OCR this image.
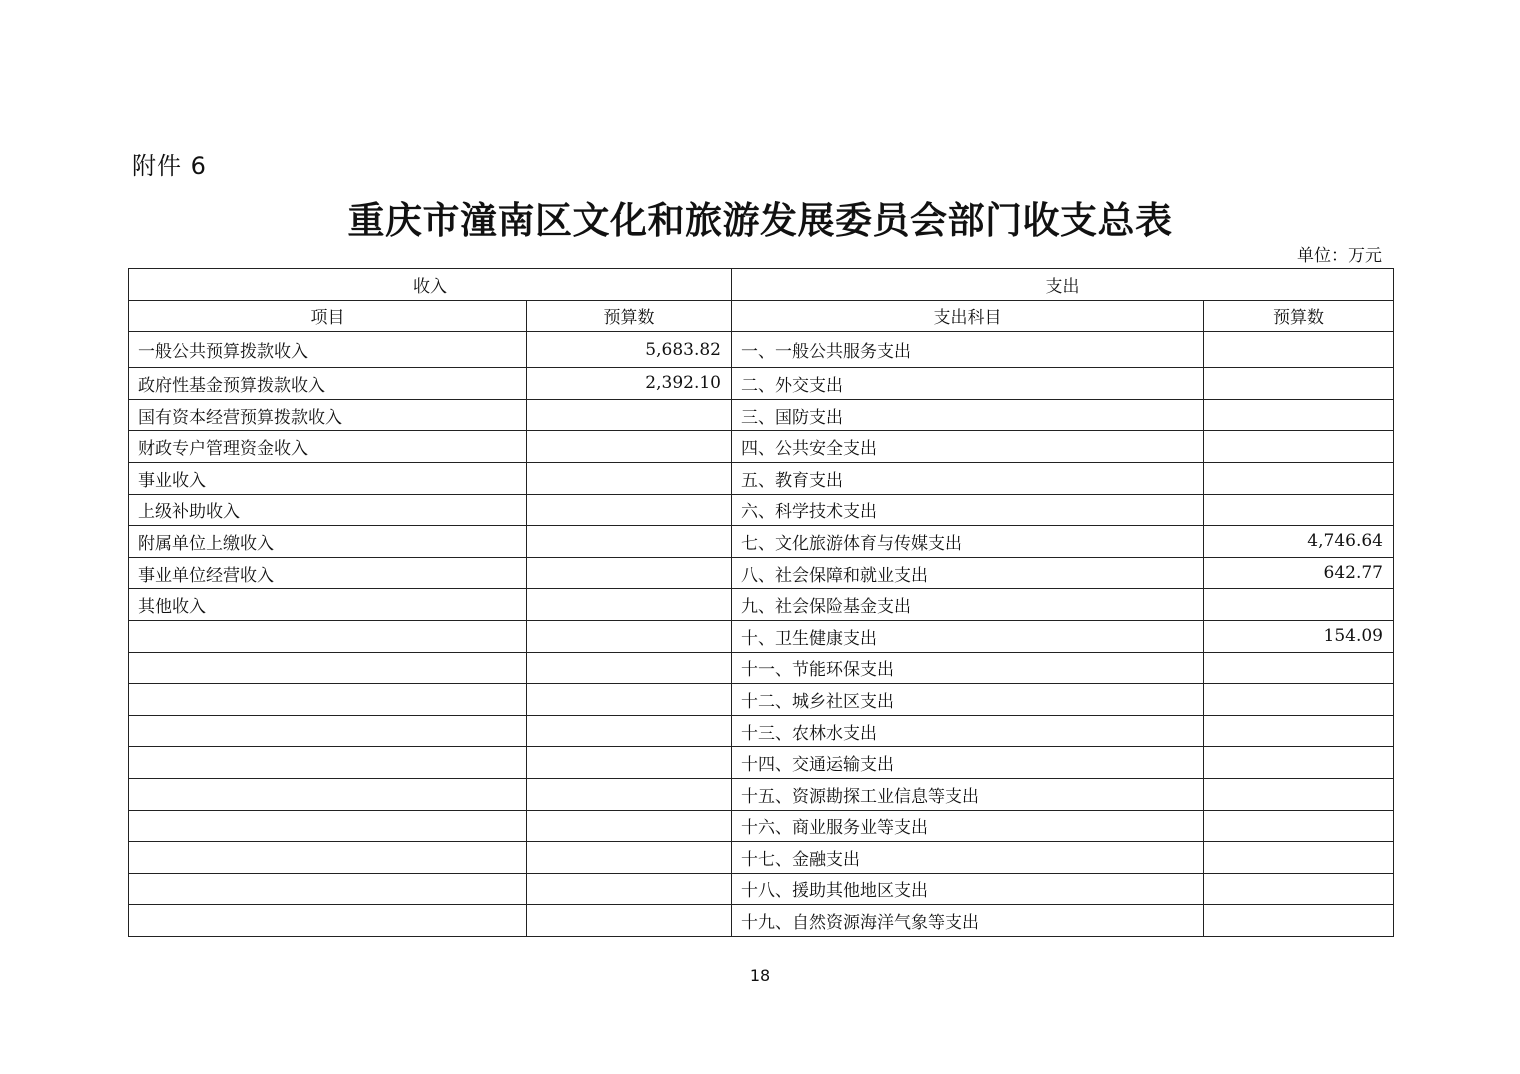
附件 6
重庆市潼南区文化和旅游发展委员会部门收支总表
单位：万元
收入		支出	
项目	预算数	支出科目	预算数
一般公共预算拨款收入	5,683.82	一、一般公共服务支出	
政府性基金预算拨款收入	2,392.10	二、外交支出	
国有资本经营预算拨款收入		三、国防支出	
财政专户管理资金收入		四、公共安全支出	
事业收入		五、教育支出	
上级补助收入		六、科学技术支出	
附属单位上缴收入		七、文化旅游体育与传媒支出	4,746.64
事业单位经营收入		八、社会保障和就业支出	642.77
其他收入		九、社会保险基金支出	
		十、卫生健康支出	154.09
		十一、节能环保支出	
		十二、城乡社区支出	
		十三、农林水支出	
		十四、交通运输支出	
		十五、资源勘探工业信息等支出	
		十六、商业服务业等支出	
		十七、金融支出	
		十八、援助其他地区支出	
		十九、自然资源海洋气象等支出	
18
